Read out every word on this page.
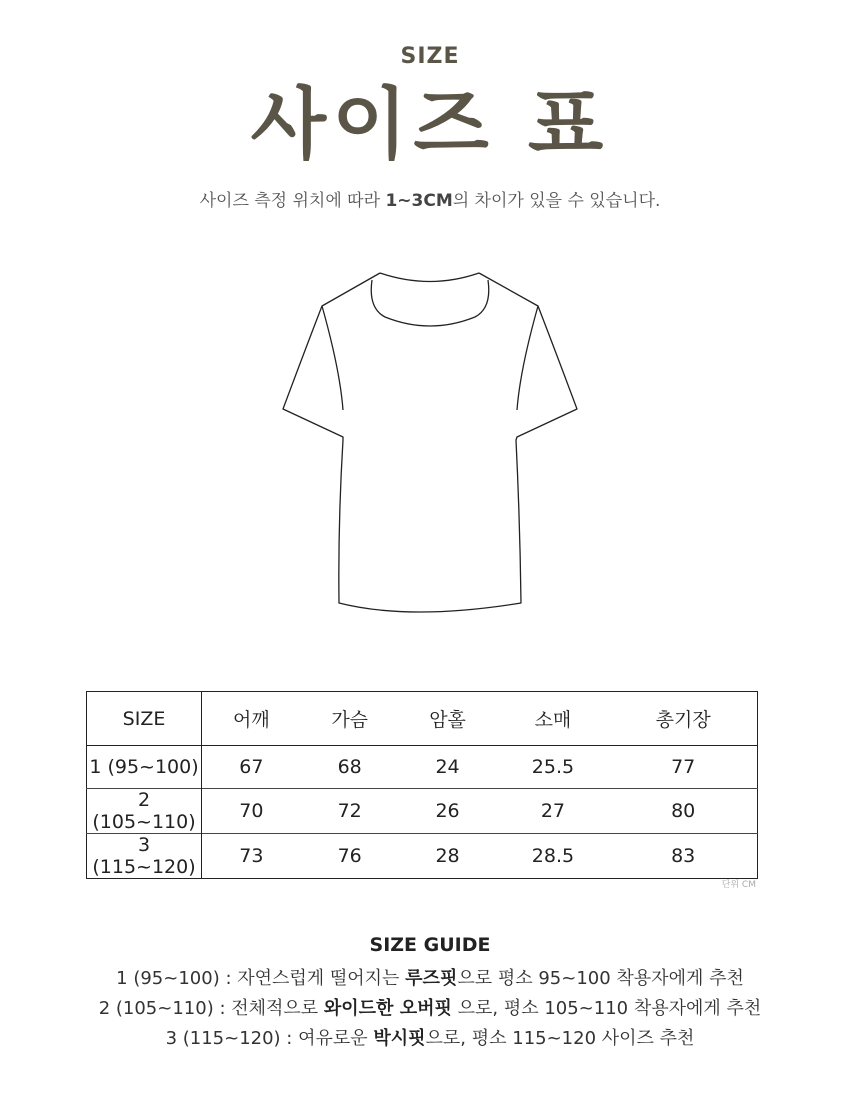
SIZE
사이즈 표
사이즈 측정 위치에 따라 1~3CM의 차이가 있을 수 있습니다.
SIZE	어깨	가슴	암홀	소매	총기장
1 (95~100)	67	68	24	25.5	77
2 (105~110)	70	72	26	27	80
3 (115~120)	73	76	28	28.5	83
단위 CM
SIZE GUIDE
1 (95~100) : 자연스럽게 떨어지는 루즈핏으로 평소 95~100 착용자에게 추천
2 (105~110) : 전체적으로 와이드한 오버핏 으로, 평소 105~110 착용자에게 추천
3 (115~120) : 여유로운 박시핏으로, 평소 115~120 사이즈 추천
